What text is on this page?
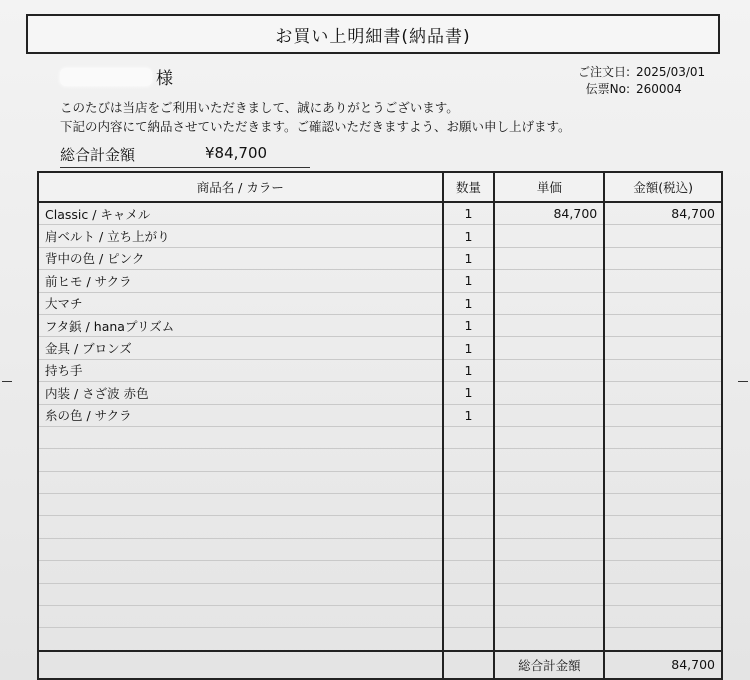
お買い上明細書(納品書)
様	ご注文日: 2025/03/01
伝票No: 260004
このたびは当店をご利用いただきまして、誠にありがとうございます。
下記の内容にて納品させていただきます。ご確認いただきますよう、お願い申し上げます。
総合計金額	¥84,700
商品名 / カラー	数量	単価	金額(税込)
Classic / キャメル	1	84,700	84,700
肩ベルト / 立ち上がり	1		
背中の色 / ピンク	1		
前ヒモ / サクラ	1		
大マチ	1		
フタ鋲 / hanaプリズム	1		
金具 / ブロンズ	1		
持ち手	1		
内装 / さざ波 赤色	1		
糸の色 / サクラ	1		

		総合計金額	84,700
